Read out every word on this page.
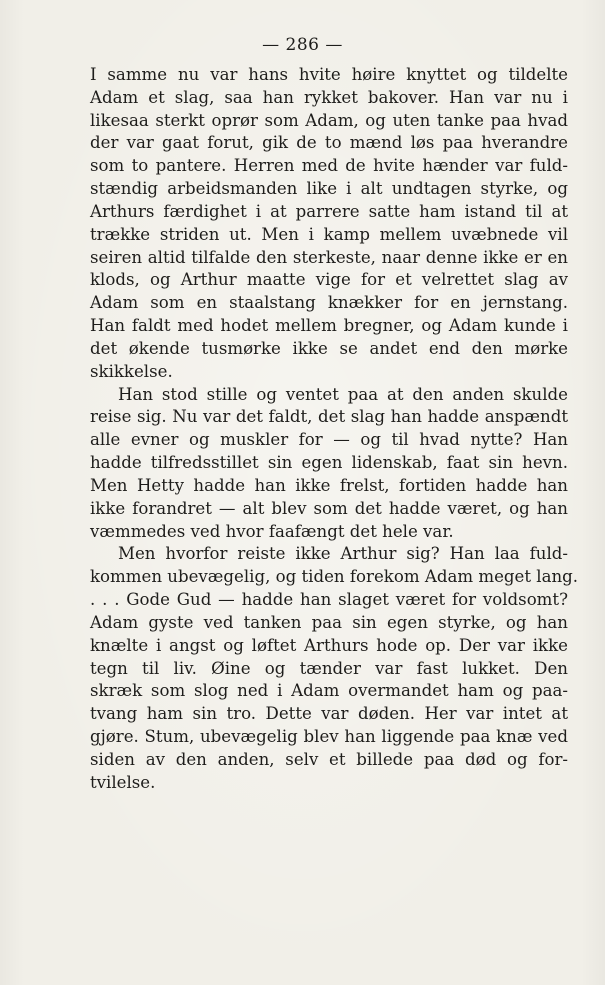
— 286 —
I samme nu var hans hvite høire knyttet og tildelte
Adam et slag, saa han rykket bakover. Han var nu i
likesaa sterkt oprør som Adam, og uten tanke paa hvad
der var gaat forut, gik de to mænd løs paa hverandre
som to pantere. Herren med de hvite hænder var fuld-
stændig arbeidsmanden like i alt undtagen styrke, og
Arthurs færdighet i at parrere satte ham istand til at
trække striden ut. Men i kamp mellem uvæbnede vil
seiren altid tilfalde den sterkeste, naar denne ikke er en
klods, og Arthur maatte vige for et velrettet slag av
Adam som en staalstang knækker for en jernstang.
Han faldt med hodet mellem bregner, og Adam kunde i
det økende tusmørke ikke se andet end den mørke
skikkelse.
Han stod stille og ventet paa at den anden skulde
reise sig. Nu var det faldt, det slag han hadde anspændt
alle evner og muskler for — og til hvad nytte? Han
hadde tilfredsstillet sin egen lidenskab, faat sin hevn.
Men Hetty hadde han ikke frelst, fortiden hadde han
ikke forandret — alt blev som det hadde været, og han
væmmedes ved hvor faafængt det hele var.
Men hvorfor reiste ikke Arthur sig? Han laa fuld-
kommen ubevægelig, og tiden forekom Adam meget lang.
. . . Gode Gud — hadde han slaget været for voldsomt?
Adam gyste ved tanken paa sin egen styrke, og han
knælte i angst og løftet Arthurs hode op. Der var ikke
tegn til liv. Øine og tænder var fast lukket. Den
skræk som slog ned i Adam overmandet ham og paa-
tvang ham sin tro. Dette var døden. Her var intet at
gjøre. Stum, ubevægelig blev han liggende paa knæ ved
siden av den anden, selv et billede paa død og for-
tvilelse.
